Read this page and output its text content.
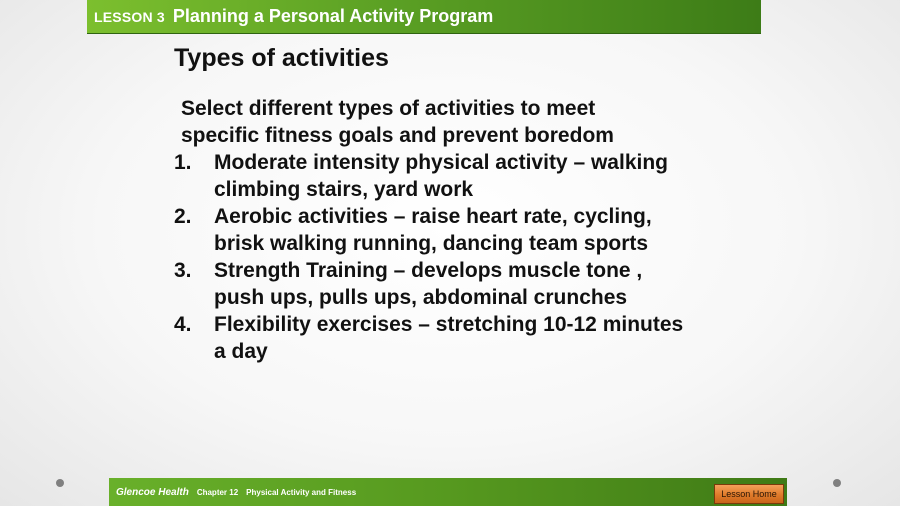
LESSON 3 Planning a Personal Activity Program
Types of activities
Select different types of activities to meet
specific fitness goals and prevent boredom
1.	Moderate intensity physical activity – walking
climbing stairs, yard work
2.	Aerobic activities – raise heart rate, cycling,
brisk walking running, dancing team sports
3.	Strength Training – develops muscle tone ,
push ups, pulls ups, abdominal crunches
4.	Flexibility exercises – stretching 10-12 minutes
a day
Glencoe Health Chapter 12 Physical Activity and Fitness	Lesson Home
